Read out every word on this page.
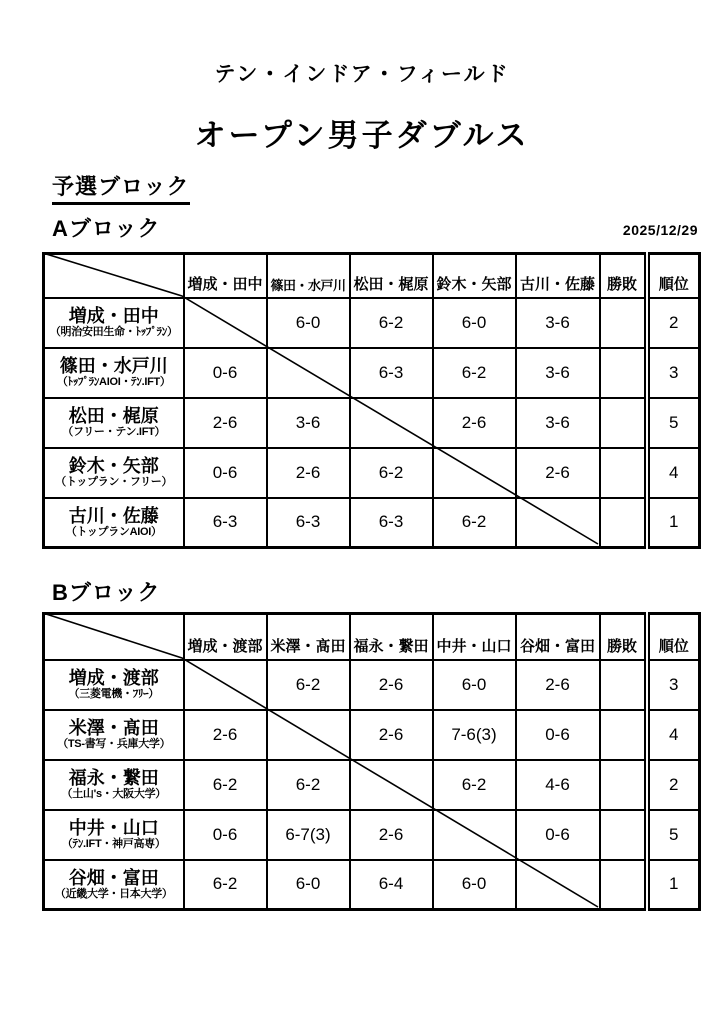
テン・インドア・フィールド
オープン男子ダブルス
予選ブロック
Aブロック	2025/12/29
Bブロック
	増成・田中	篠田・水戸川	松田・梶原	鈴木・矢部	古川・佐藤	勝敗	順位

増成・田中
（明治安田生命・ﾄｯﾌﾟﾗﾝ）		6-0	6-2	6-0	3-6		2

篠田・水戸川
（ﾄｯﾌﾟﾗﾝAIOI・ﾃﾝ.IFT）	0-6		6-3	6-2	3-6		3

松田・梶原
（フリー・テン.IFT）	2-6	3-6		2-6	3-6		5

鈴木・矢部
（トップラン・フリー）	0-6	2-6	6-2		2-6		4

古川・佐藤
（トップランAIOI）	6-3	6-3	6-3	6-2			1
	増成・渡部	米澤・髙田	福永・繋田	中井・山口	谷畑・富田	勝敗	順位

増成・渡部
（三菱電機・ﾌﾘｰ）		6-2	2-6	6-0	2-6		3

米澤・髙田
（TS-書写・兵庫大学）	2-6		2-6	7-6(3)	0-6		4

福永・繋田
（土山's・大阪大学）	6-2	6-2		6-2	4-6		2

中井・山口
（ﾃﾝ.IFT・神戸高専）	0-6	6-7(3)	2-6		0-6		5

谷畑・富田
（近畿大学・日本大学）	6-2	6-0	6-4	6-0			1
